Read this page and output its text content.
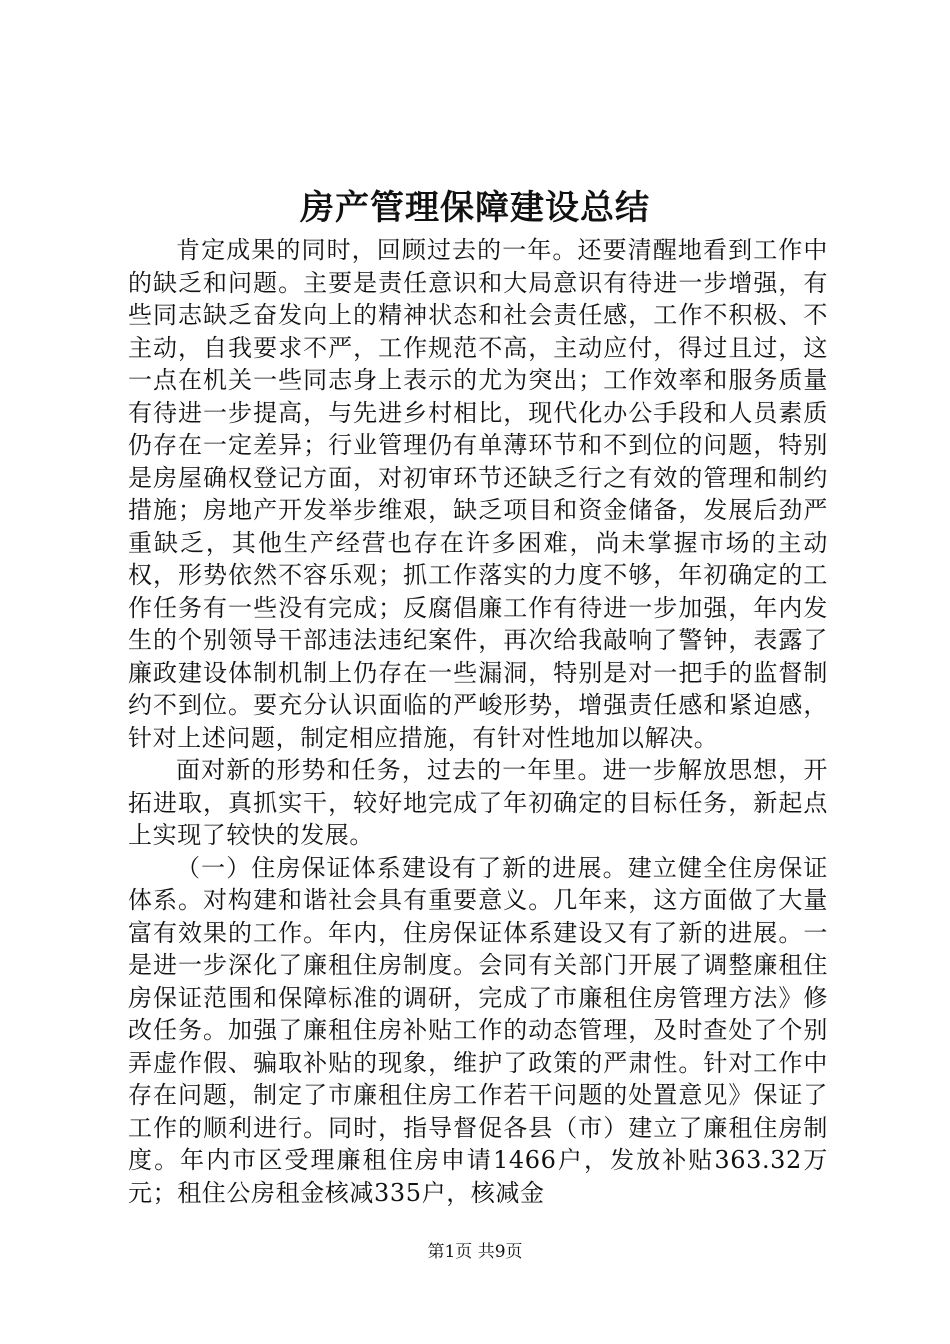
房产管理保障建设总结

肯定成果的同时，回顾过去的一年。还要清醒地看到工作中的缺乏和问题。主要是责任意识和大局意识有待进一步增强，有些同志缺乏奋发向上的精神状态和社会责任感，工作不积极、不主动，自我要求不严，工作规范不高，主动应付，得过且过，这一点在机关一些同志身上表示的尤为突出；工作效率和服务质量有待进一步提高，与先进乡村相比，现代化办公手段和人员素质仍存在一定差异；行业管理仍有单薄环节和不到位的问题，特别是房屋确权登记方面，对初审环节还缺乏行之有效的管理和制约措施；房地产开发举步维艰，缺乏项目和资金储备，发展后劲严重缺乏，其他生产经营也存在许多困难，尚未掌握市场的主动权，形势依然不容乐观；抓工作落实的力度不够，年初确定的工作任务有一些没有完成；反腐倡廉工作有待进一步加强，年内发生的个别领导干部违法违纪案件，再次给我敲响了警钟，表露了廉政建设体制机制上仍存在一些漏洞，特别是对一把手的监督制约不到位。要充分认识面临的严峻形势，增强责任感和紧迫感，针对上述问题，制定相应措施，有针对性地加以解决。

面对新的形势和任务，过去的一年里。进一步解放思想，开拓进取，真抓实干，较好地完成了年初确定的目标任务，新起点上实现了较快的发展。

（一）住房保证体系建设有了新的进展。建立健全住房保证体系。对构建和谐社会具有重要意义。几年来，这方面做了大量富有效果的工作。年内，住房保证体系建设又有了新的进展。一是进一步深化了廉租住房制度。会同有关部门开展了调整廉租住房保证范围和保障标准的调研，完成了市廉租住房管理方法》修改任务。加强了廉租住房补贴工作的动态管理，及时查处了个别弄虚作假、骗取补贴的现象，维护了政策的严肃性。针对工作中存在问题，制定了市廉租住房工作若干问题的处置意见》保证了工作的顺利进行。同时，指导督促各县（市）建立了廉租住房制度。年内市区受理廉租住房申请1466户，发放补贴363.32万元；租住公房租金核减335户，核减金

第1页 共9页
